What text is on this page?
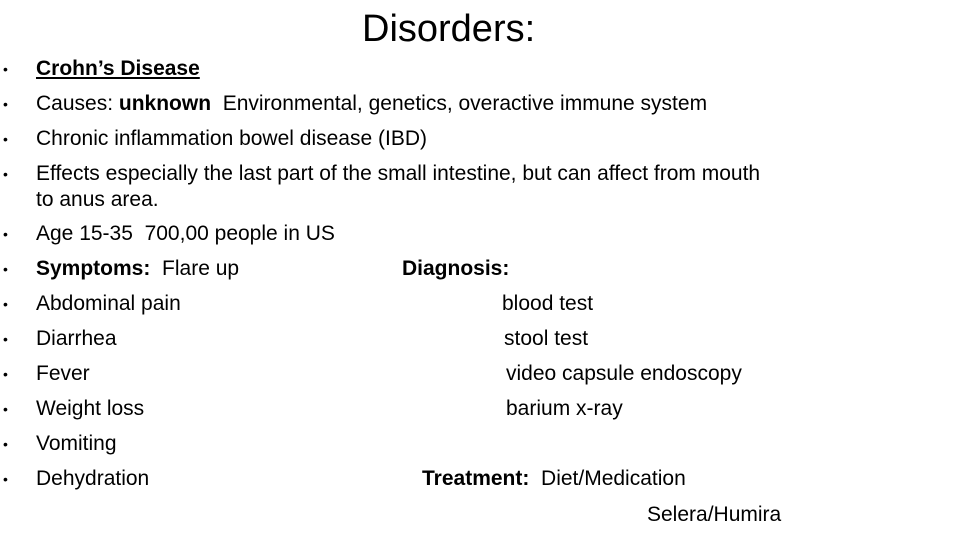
Disorders:
• Crohn’s Disease
• Causes: unknown  Environmental, genetics, overactive immune system
• Chronic inflammation bowel disease (IBD)
• Effects especially the last part of the small intestine, but can affect from mouth
to anus area.
• Age 15-35  700,00 people in US
• Symptoms:  Flare up
• Abdominal pain
• Diarrhea
• Fever
• Weight loss
• Vomiting
• Dehydration
Diagnosis:
blood test
stool test
video capsule endoscopy
barium x-ray
Treatment:  Diet/Medication
Selera/Humira
